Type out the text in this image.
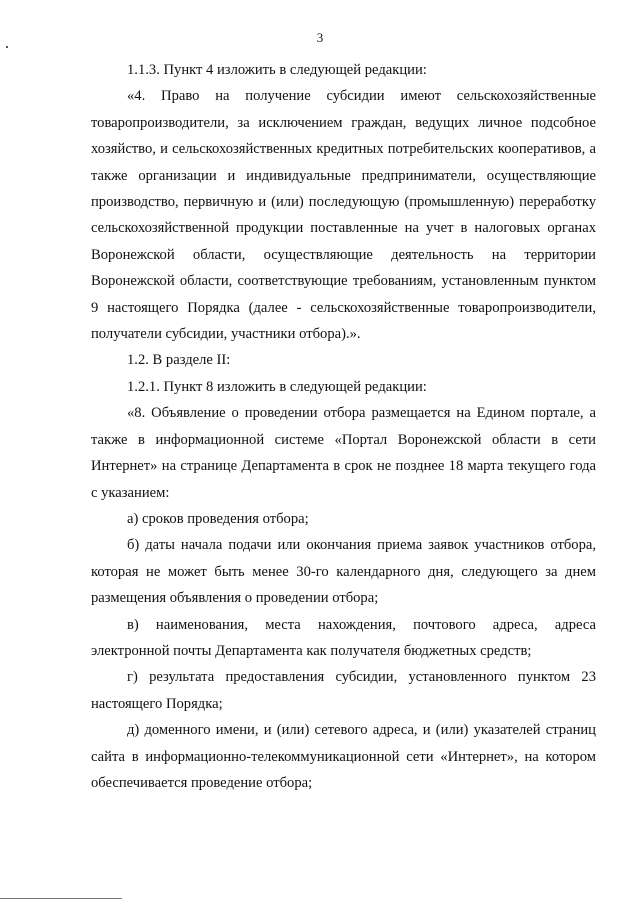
3

1.1.3. Пункт 4 изложить в следующей редакции:

«4. Право на получение субсидии имеют сельскохозяйственные товаропроизводители, за исключением граждан, ведущих личное подсобное хозяйство, и сельскохозяйственных кредитных потребительских кооперативов, а также организации и индивидуальные предприниматели, осуществляющие производство, первичную и (или) последующую (промышленную) переработку сельскохозяйственной продукции поставленные на учет в налоговых органах Воронежской области, осуществляющие деятельность на территории Воронежской области, соответствующие требованиям, установленным пунктом 9 настоящего Порядка (далее - сельскохозяйственные товаропроизводители, получатели субсидии, участники отбора).».

1.2. В разделе II:

1.2.1. Пункт 8 изложить в следующей редакции:

«8. Объявление о проведении отбора размещается на Едином портале, а также в информационной системе «Портал Воронежской области в сети Интернет» на странице Департамента в срок не позднее 18 марта текущего года с указанием:

а) сроков проведения отбора;

б) даты начала подачи или окончания приема заявок участников отбора, которая не может быть менее 30-го календарного дня, следующего за днем размещения объявления о проведении отбора;

в) наименования, места нахождения, почтового адреса, адреса электронной почты Департамента как получателя бюджетных средств;

г) результата предоставления субсидии, установленного пунктом 23 настоящего Порядка;

д) доменного имени, и (или) сетевого адреса, и (или) указателей страниц сайта в информационно-телекоммуникационной сети «Интернет», на котором обеспечивается проведение отбора;
